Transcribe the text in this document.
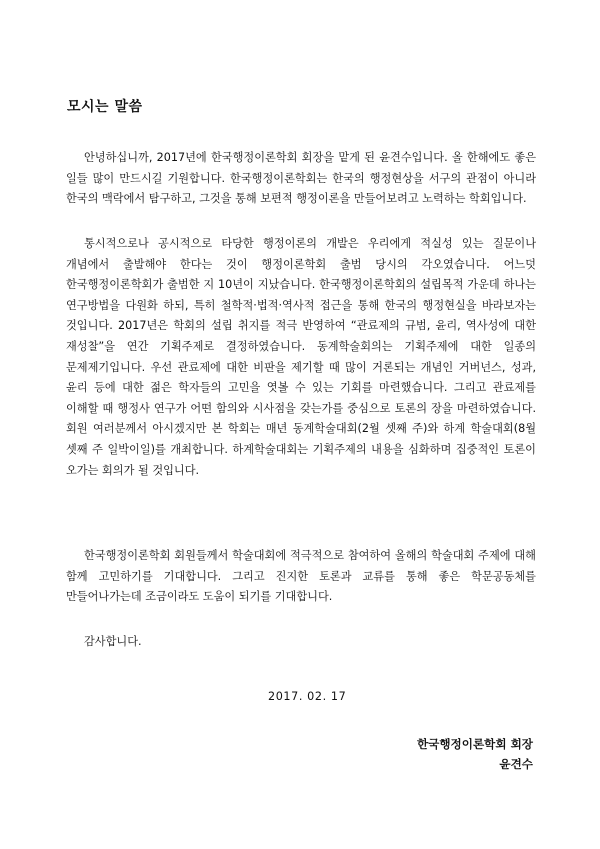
모시는 말씀

안녕하십니까, 2017년에 한국행정이론학회 회장을 맡게 된 윤견수입니다. 올 한해에도 좋은 일들 많이 만드시길 기원합니다. 한국행정이론학회는 한국의 행정현상을 서구의 관점이 아니라 한국의 맥락에서 탐구하고, 그것을 통해 보편적 행정이론을 만들어보려고 노력하는 학회입니다.

통시적으로나 공시적으로 타당한 행정이론의 개발은 우리에게 적실성 있는 질문이나 개념에서 출발해야 한다는 것이 행정이론학회 출범 당시의 각오였습니다. 어느덧 한국행정이론학회가 출범한 지 10년이 지났습니다. 한국행정이론학회의 설립목적 가운데 하나는 연구방법을 다원화 하되, 특히 철학적·법적·역사적 접근을 통해 한국의 행정현실을 바라보자는 것입니다. 2017년은 학회의 설립 취지를 적극 반영하여 “관료제의 규범, 윤리, 역사성에 대한 재성찰”을 연간 기획주제로 결정하였습니다. 동계학술회의는 기획주제에 대한 일종의 문제제기입니다. 우선 관료제에 대한 비판을 제기할 때 많이 거론되는 개념인 거버넌스, 성과, 윤리 등에 대한 젊은 학자들의 고민을 엿볼 수 있는 기회를 마련했습니다. 그리고 관료제를 이해할 때 행정사 연구가 어떤 함의와 시사점을 갖는가를 중심으로 토론의 장을 마련하였습니다. 회원 여러분께서 아시겠지만 본 학회는 매년 동계학술대회(2월 셋째 주)와 하계 학술대회(8월 셋째 주 일박이일)를 개최합니다. 하계학술대회는 기획주제의 내용을 심화하며 집중적인 토론이 오가는 회의가 될 것입니다.

한국행정이론학회 회원들께서 학술대회에 적극적으로 참여하여 올해의 학술대회 주제에 대해 함께 고민하기를 기대합니다. 그리고 진지한 토론과 교류를 통해 좋은 학문공동체를 만들어나가는데 조금이라도 도움이 되기를 기대합니다.

감사합니다.

2017. 02. 17

한국행정이론학회 회장
윤견수
